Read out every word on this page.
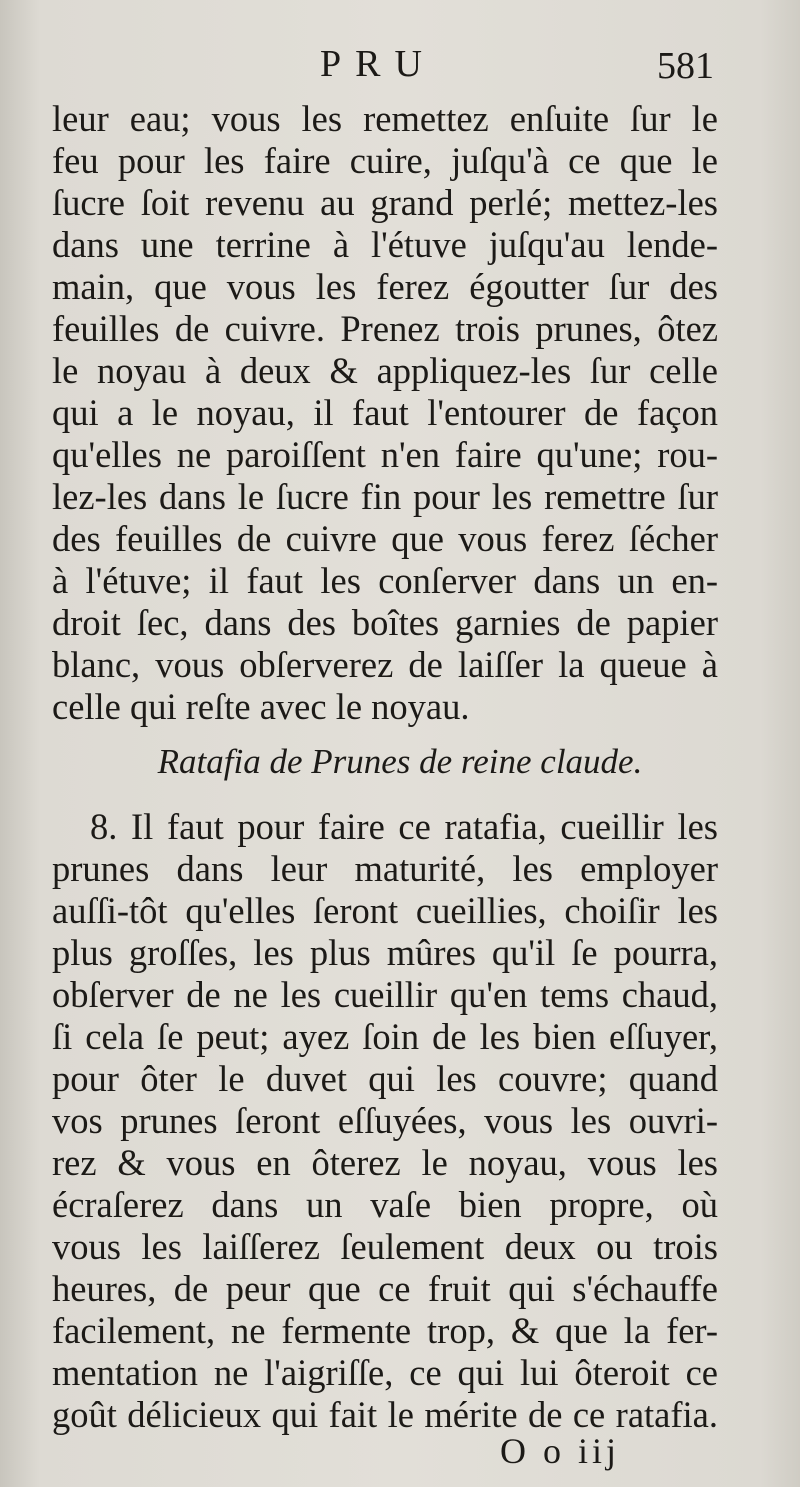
PRU	581
leur eau; vous les remettez enſuite ſur le
feu pour les faire cuire, juſqu'à ce que le
ſucre ſoit revenu au grand perlé; mettez-les
dans une terrine à l'étuve juſqu'au lende-
main, que vous les ferez égoutter ſur des
feuilles de cuivre. Prenez trois prunes, ôtez
le noyau à deux & appliquez-les ſur celle
qui a le noyau, il faut l'entourer de façon
qu'elles ne paroiſſent n'en faire qu'une; rou-
lez-les dans le ſucre fin pour les remettre ſur
des feuilles de cuivre que vous ferez ſécher
à l'étuve; il faut les conſerver dans un en-
droit ſec, dans des boîtes garnies de papier
blanc, vous obſerverez de laiſſer la queue à
celle qui reſte avec le noyau.
Ratafia de Prunes de reine claude.
8. Il faut pour faire ce ratafia, cueillir les
prunes dans leur maturité, les employer
auſſi-tôt qu'elles ſeront cueillies, choiſir les
plus groſſes, les plus mûres qu'il ſe pourra,
obſerver de ne les cueillir qu'en tems chaud,
ſi cela ſe peut; ayez ſoin de les bien eſſuyer,
pour ôter le duvet qui les couvre; quand
vos prunes ſeront eſſuyées, vous les ouvri-
rez & vous en ôterez le noyau, vous les
écraſerez dans un vaſe bien propre, où
vous les laiſſerez ſeulement deux ou trois
heures, de peur que ce fruit qui s'échauffe
facilement, ne fermente trop, & que la fer-
mentation ne l'aigriſſe, ce qui lui ôteroit ce
goût délicieux qui fait le mérite de ce ratafia.
O o iij
